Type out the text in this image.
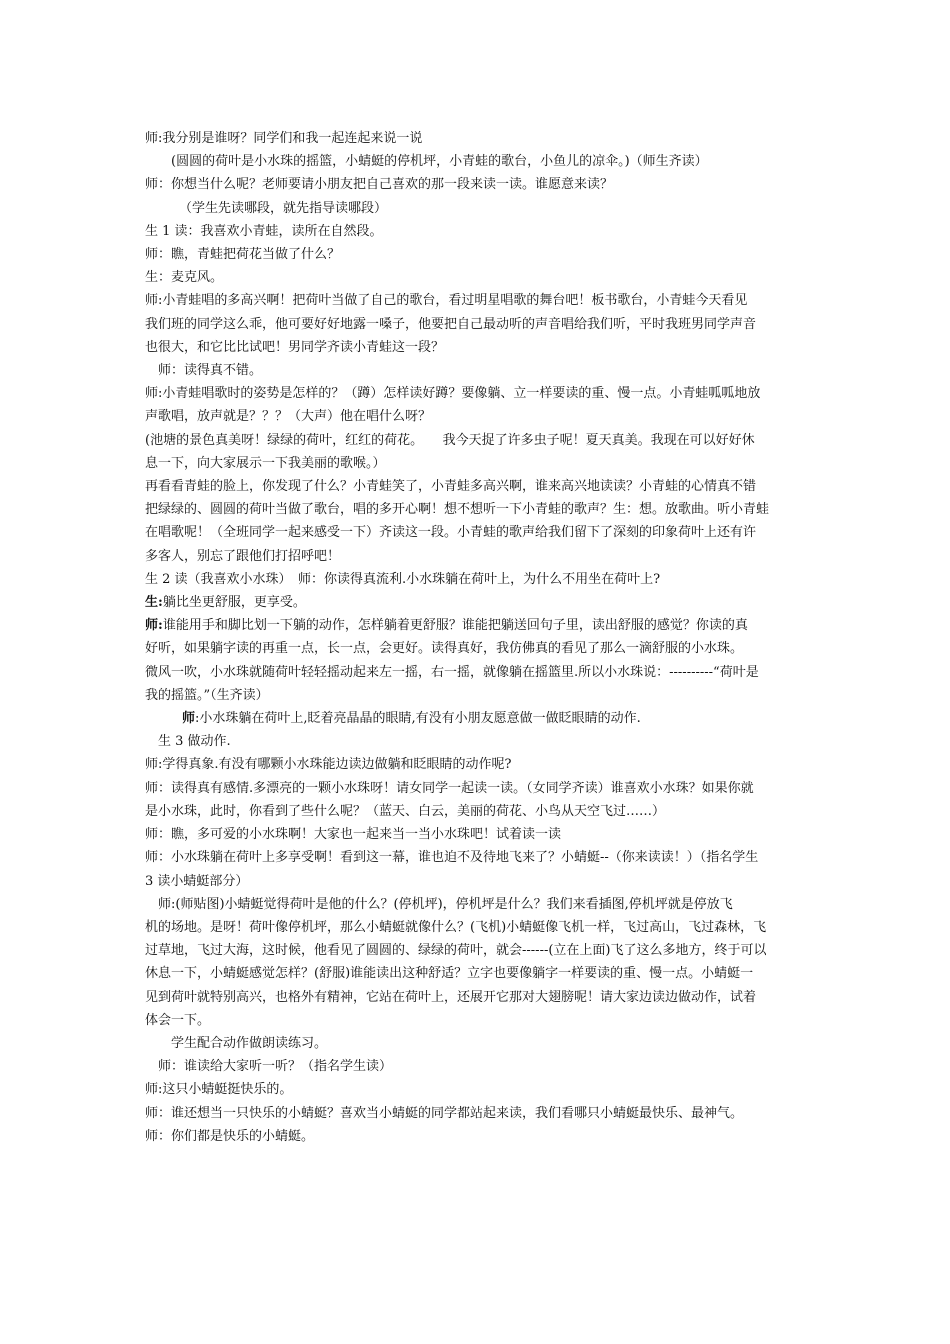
师:我分别是谁呀？同学们和我一起连起来说一说

(圆圆的荷叶是小水珠的摇篮，小蜻蜓的停机坪，小青蛙的歌台，小鱼儿的凉伞。)（师生齐读）

师：你想当什么呢？老师要请小朋友把自己喜欢的那一段来读一读。谁愿意来读？

（学生先读哪段，就先指导读哪段）

生 1 读：我喜欢小青蛙，读所在自然段。

师：瞧，青蛙把荷花当做了什么？

生：麦克风。

师:小青蛙唱的多高兴啊！把荷叶当做了自己的歌台，看过明星唱歌的舞台吧！板书歌台，小青蛙今天看见

我们班的同学这么乖，他可要好好地露一嗓子，他要把自己最动听的声音唱给我们听，平时我班男同学声音

也很大，和它比比试吧！男同学齐读小青蛙这一段？

师：读得真不错。

师:小青蛙唱歌时的姿势是怎样的？（蹲）怎样读好蹲？要像躺、立一样要读的重、慢一点。小青蛙呱呱地放

声歌唱，放声就是？？？（大声）他在唱什么呀？

(池塘的景色真美呀！绿绿的荷叶，红红的荷花。　　我今天捉了许多虫子呢！夏天真美。我现在可以好好休

息一下，向大家展示一下我美丽的歌喉。）

再看看青蛙的脸上，你发现了什么？小青蛙笑了，小青蛙多高兴啊，谁来高兴地读读？小青蛙的心情真不错

把绿绿的、圆圆的荷叶当做了歌台，唱的多开心啊！想不想听一下小青蛙的歌声？生：想。放歌曲。听小青蛙

在唱歌呢！（全班同学一起来感受一下）齐读这一段。小青蛙的歌声给我们留下了深刻的印象荷叶上还有许

多客人，别忘了跟他们打招呼吧！

生 2 读（我喜欢小水珠）　师：你读得真流利.小水珠躺在荷叶上，为什么不用坐在荷叶上?

生:躺比坐更舒服，更享受。

师:谁能用手和脚比划一下躺的动作，怎样躺着更舒服？谁能把躺送回句子里，读出舒服的感觉？你读的真

好听，如果躺字读的再重一点，长一点，会更好。读得真好，我仿佛真的看见了那么一滴舒服的小水珠。

微风一吹，小水珠就随荷叶轻轻摇动起来左一摇，右一摇，就像躺在摇篮里.所以小水珠说：----------“荷叶是

我的摇篮。”（生齐读）

师:小水珠躺在荷叶上,眨着亮晶晶的眼睛,有没有小朋友愿意做一做眨眼睛的动作.

生 3 做动作.

师:学得真象.有没有哪颗小水珠能边读边做躺和眨眼睛的动作呢?

师：读得真有感情.多漂亮的一颗小水珠呀！请女同学一起读一读。（女同学齐读）谁喜欢小水珠？如果你就

是小水珠，此时，你看到了些什么呢？（蓝天、白云，美丽的荷花、小鸟从天空飞过……）

师：瞧，多可爱的小水珠啊！大家也一起来当一当小水珠吧！试着读一读

师：小水珠躺在荷叶上多享受啊！看到这一幕，谁也迫不及待地飞来了？小蜻蜓--（你来读读！）（指名学生

3 读小蜻蜓部分）

师:(师贴图)小蜻蜓觉得荷叶是他的什么？(停机坪)，停机坪是什么？我们来看插图,停机坪就是停放飞

机的场地。是呀！荷叶像停机坪，那么小蜻蜓就像什么？(飞机)小蜻蜓像飞机一样，飞过高山，飞过森林，飞

过草地，飞过大海，这时候，他看见了圆圆的、绿绿的荷叶，就会------(立在上面)飞了这么多地方，终于可以

休息一下，小蜻蜓感觉怎样？(舒服)谁能读出这种舒适？立字也要像躺字一样要读的重、慢一点。小蜻蜓一

见到荷叶就特别高兴，也格外有精神，它站在荷叶上，还展开它那对大翅膀呢！请大家边读边做动作，试着

体会一下。

学生配合动作做朗读练习。

师：谁读给大家听一听？（指名学生读）

师:这只小蜻蜓挺快乐的。

师：谁还想当一只快乐的小蜻蜓？喜欢当小蜻蜓的同学都站起来读，我们看哪只小蜻蜓最快乐、最神气。

师：你们都是快乐的小蜻蜓。
